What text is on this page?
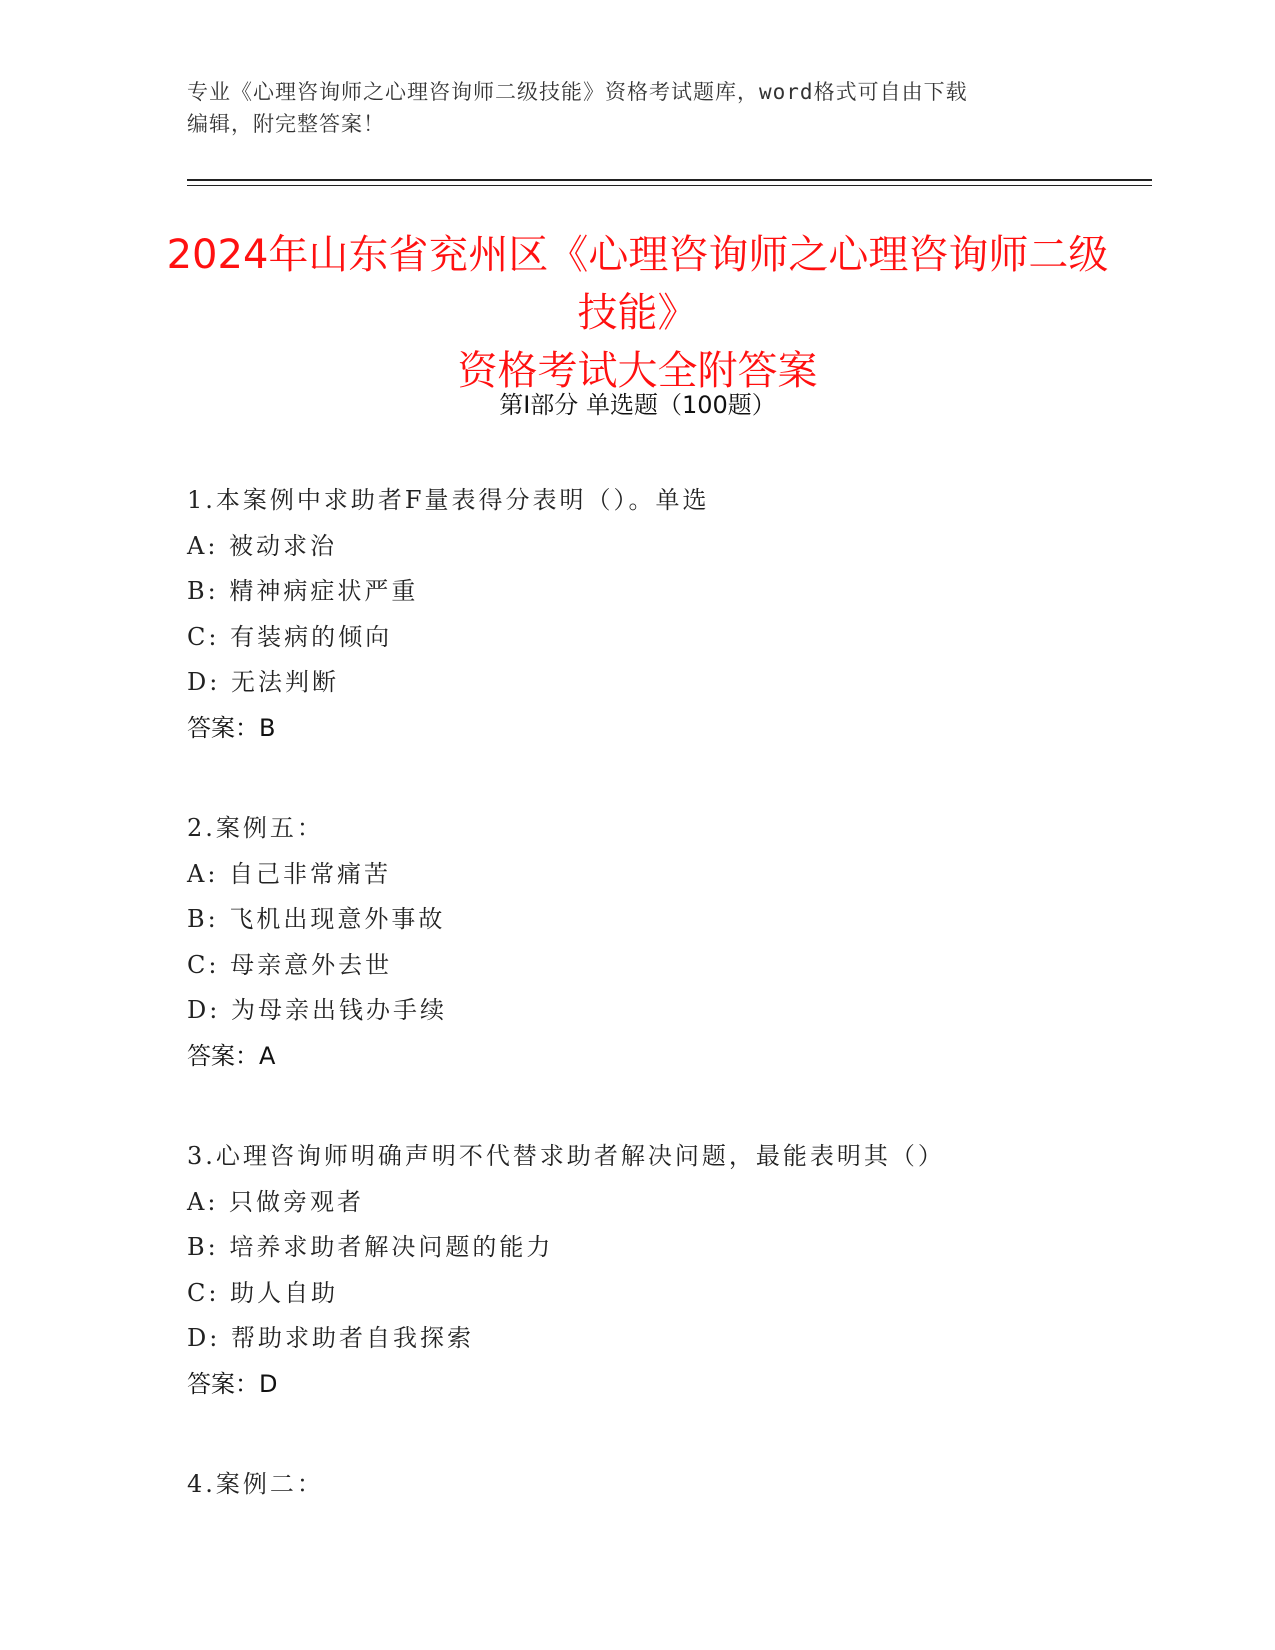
专业《心理咨询师之心理咨询师二级技能》资格考试题库，word格式可自由下载
编辑，附完整答案！
2024年山东省兖州区《心理咨询师之心理咨询师二级技能》
资格考试大全附答案
第Ⅰ部分 单选题（100题）
1.本案例中求助者F量表得分表明（）。单选
A: 被动求治
B: 精神病症状严重
C: 有装病的倾向
D: 无法判断
答案：B
2.案例五：
A: 自己非常痛苦
B: 飞机出现意外事故
C: 母亲意外去世
D: 为母亲出钱办手续
答案：A
3.心理咨询师明确声明不代替求助者解决问题，最能表明其（）
A: 只做旁观者
B: 培养求助者解决问题的能力
C: 助人自助
D: 帮助求助者自我探索
答案：D
4.案例二：
